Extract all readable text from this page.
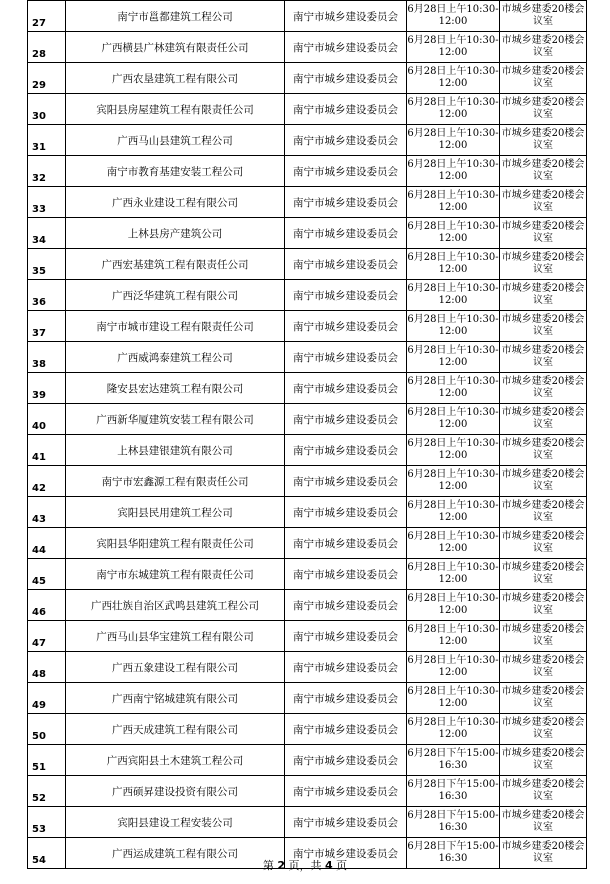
27	南宁市邕都建筑工程公司	南宁市城乡建设委员会	6月28日上午10:30-12:00	市城乡建委20楼会议室

28	广西横县广林建筑有限责任公司	南宁市城乡建设委员会	6月28日上午10:30-12:00	市城乡建委20楼会议室

29	广西农垦建筑工程有限公司	南宁市城乡建设委员会	6月28日上午10:30-12:00	市城乡建委20楼会议室

30	宾阳县房屋建筑工程有限责任公司	南宁市城乡建设委员会	6月28日上午10:30-12:00	市城乡建委20楼会议室

31	广西马山县建筑工程公司	南宁市城乡建设委员会	6月28日上午10:30-12:00	市城乡建委20楼会议室

32	南宁市教育基建安装工程公司	南宁市城乡建设委员会	6月28日上午10:30-12:00	市城乡建委20楼会议室

33	广西永业建设工程有限公司	南宁市城乡建设委员会	6月28日上午10:30-12:00	市城乡建委20楼会议室

34	上林县房产建筑公司	南宁市城乡建设委员会	6月28日上午10:30-12:00	市城乡建委20楼会议室

35	广西宏基建筑工程有限责任公司	南宁市城乡建设委员会	6月28日上午10:30-12:00	市城乡建委20楼会议室

36	广西泛华建筑工程有限公司	南宁市城乡建设委员会	6月28日上午10:30-12:00	市城乡建委20楼会议室

37	南宁市城市建设工程有限责任公司	南宁市城乡建设委员会	6月28日上午10:30-12:00	市城乡建委20楼会议室

38	广西威鸿泰建筑工程公司	南宁市城乡建设委员会	6月28日上午10:30-12:00	市城乡建委20楼会议室

39	隆安县宏达建筑工程有限公司	南宁市城乡建设委员会	6月28日上午10:30-12:00	市城乡建委20楼会议室

40	广西新华厦建筑安装工程有限公司	南宁市城乡建设委员会	6月28日上午10:30-12:00	市城乡建委20楼会议室

41	上林县建银建筑有限公司	南宁市城乡建设委员会	6月28日上午10:30-12:00	市城乡建委20楼会议室

42	南宁市宏鑫源工程有限责任公司	南宁市城乡建设委员会	6月28日上午10:30-12:00	市城乡建委20楼会议室

43	宾阳县民用建筑工程公司	南宁市城乡建设委员会	6月28日上午10:30-12:00	市城乡建委20楼会议室

44	宾阳县华阳建筑工程有限责任公司	南宁市城乡建设委员会	6月28日上午10:30-12:00	市城乡建委20楼会议室

45	南宁市东城建筑工程有限责任公司	南宁市城乡建设委员会	6月28日上午10:30-12:00	市城乡建委20楼会议室

46	广西壮族自治区武鸣县建筑工程公司	南宁市城乡建设委员会	6月28日上午10:30-12:00	市城乡建委20楼会议室

47	广西马山县华宝建筑工程有限公司	南宁市城乡建设委员会	6月28日上午10:30-12:00	市城乡建委20楼会议室

48	广西五象建设工程有限公司	南宁市城乡建设委员会	6月28日上午10:30-12:00	市城乡建委20楼会议室

49	广西南宁铭城建筑有限公司	南宁市城乡建设委员会	6月28日上午10:30-12:00	市城乡建委20楼会议室

50	广西天成建筑工程有限公司	南宁市城乡建设委员会	6月28日上午10:30-12:00	市城乡建委20楼会议室

51	广西宾阳县土木建筑工程公司	南宁市城乡建设委员会	6月28日下午15:00-16:30	市城乡建委20楼会议室

52	广西硕昇建设投资有限公司	南宁市城乡建设委员会	6月28日下午15:00-16:30	市城乡建委20楼会议室

53	宾阳县建设工程安装公司	南宁市城乡建设委员会	6月28日下午15:00-16:30	市城乡建委20楼会议室

54	广西运成建筑工程有限公司	南宁市城乡建设委员会	6月28日下午15:00-16:30	市城乡建委20楼会议室
第 2 页，共 4 页
